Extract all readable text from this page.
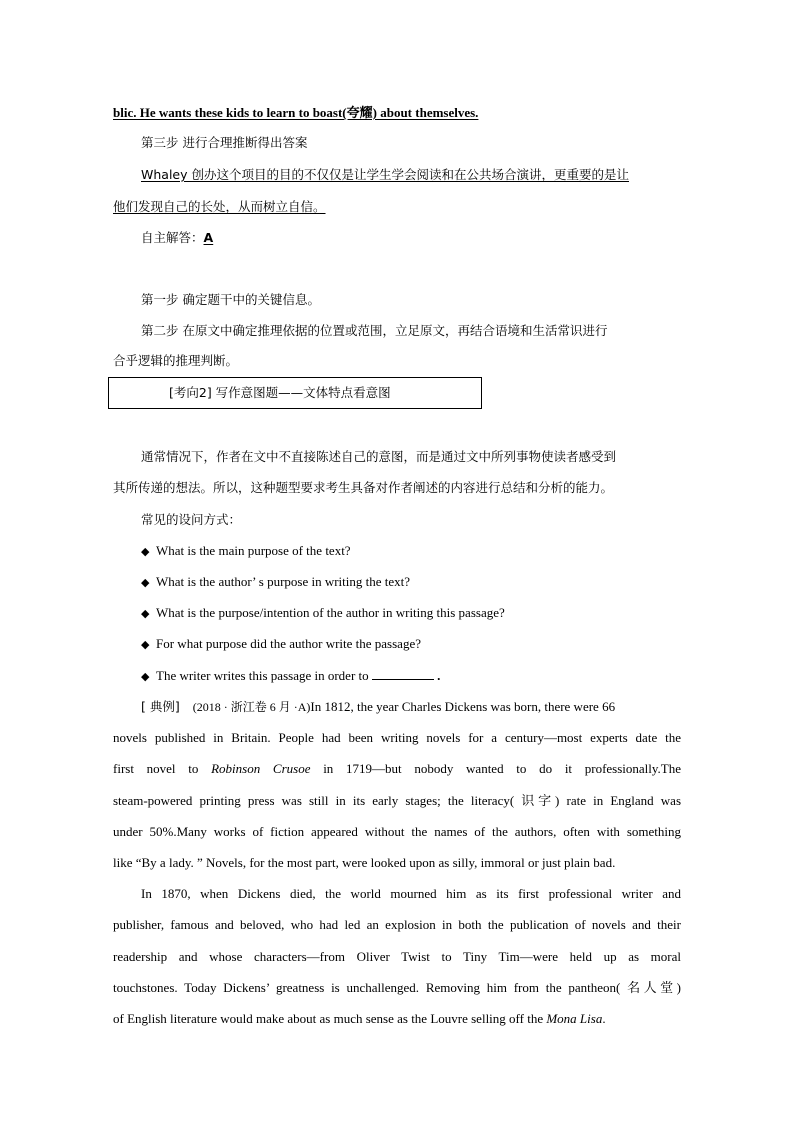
blic. He wants these kids to learn to boast(夸耀) about themselves.
第三步 进行合理推断得出答案
Whaley 创办这个项目的目的不仅仅是让学生学会阅读和在公共场合演讲，更重要的是让
他们发现自己的长处，从而树立自信。
自主解答：A
第一步 确定题干中的关键信息。
第二步 在原文中确定推理依据的位置或范围，立足原文，再结合语境和生活常识进行
合乎逻辑的推理判断。
[考向2] 写作意图题——文体特点看意图
通常情况下，作者在文中不直接陈述自己的意图，而是通过文中所列事物使读者感受到
其所传递的想法。所以，这种题型要求考生具备对作者阐述的内容进行总结和分析的能力。
常见的设问方式：
◆ What is the main purpose of the text?
◆ What is the author’ s purpose in writing the text?
◆ What is the purpose/intention of the author in writing this passage?
◆ For what purpose did the author write the passage?
◆ The writer writes this passage in order to	.
[ 典例] (2018 · 浙江卷 6 月 ·A)In 1812, the year Charles Dickens was born, there were 66
novels published in Britain. People had been writing novels for a century—most experts date the
first novel to Robinson Crusoe in 1719—but nobody wanted to do it professionally.The
steam-powered printing press was still in its early stages; the literacy( 识字) rate in England was
under 50%.Many works of fiction appeared without the names of the authors, often with something
like “By a lady. ” Novels, for the most part, were looked upon as silly, immoral or just plain bad.
In 1870, when Dickens died, the world mourned him as its first professional writer and
publisher, famous and beloved, who had led an explosion in both the publication of novels and their
readership and whose characters—from Oliver Twist to Tiny Tim—were held up as moral
touchstones. Today Dickens’ greatness is unchallenged. Removing him from the pantheon( 名人堂)
of English literature would make about as much sense as the Louvre selling off the Mona Lisa.
